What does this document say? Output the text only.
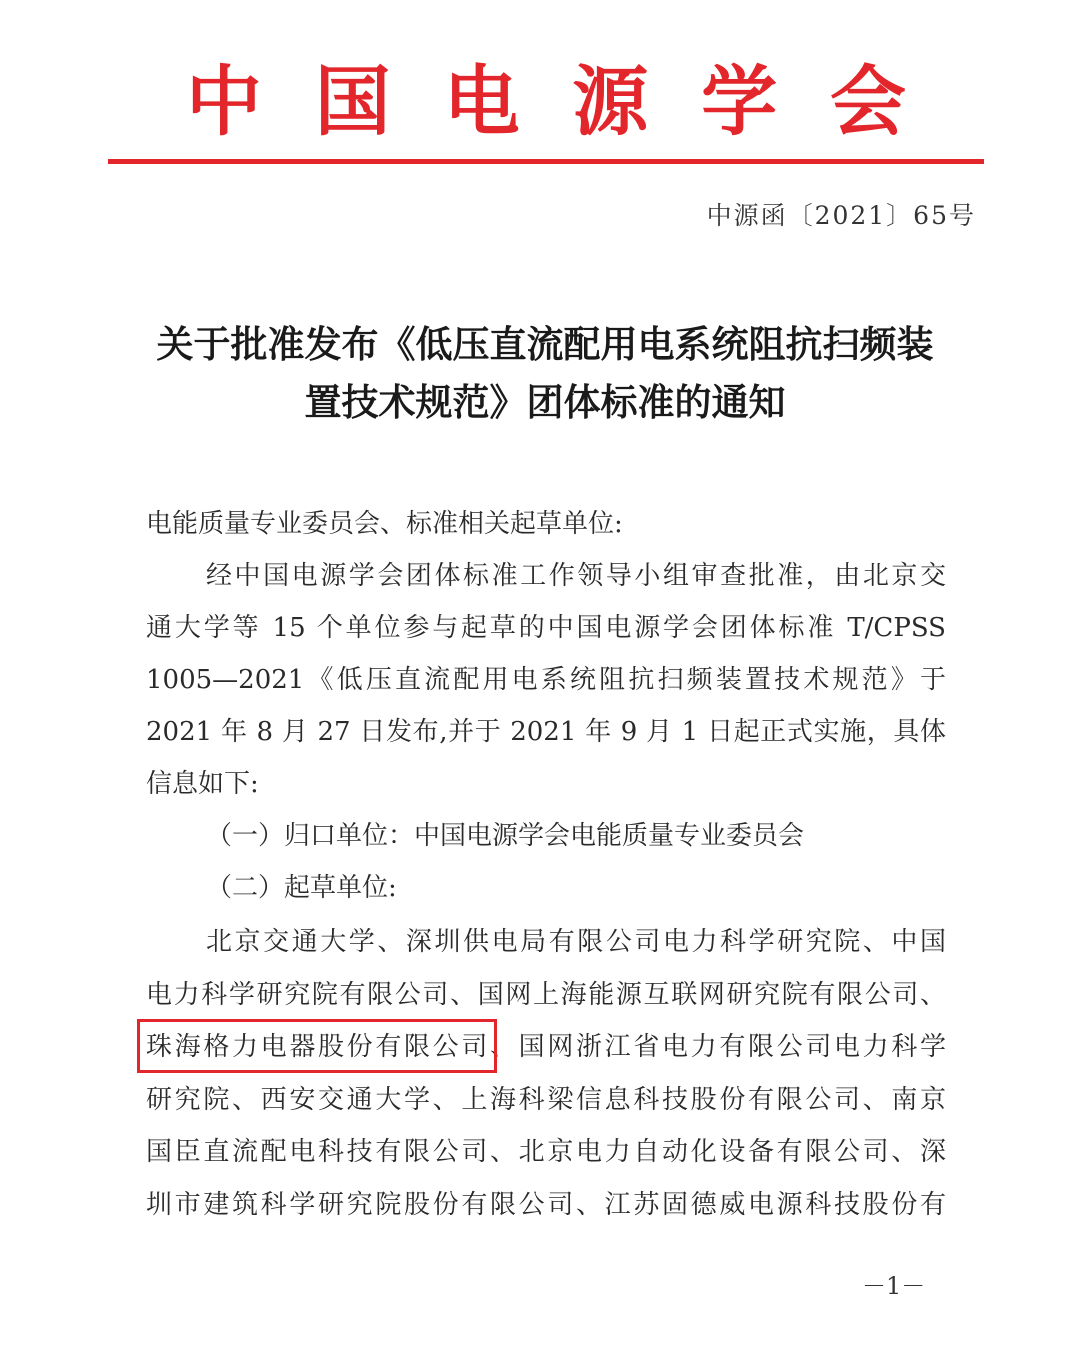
中 国 电 源 学 会
中源函〔2021〕65号
关于批准发布《低压直流配用电系统阻抗扫频装
置技术规范》团体标准的通知
电能质量专业委员会、标准相关起草单位:
经中国电源学会团体标准工作领导小组审查批准，由北京交
通大学等 15 个单位参与起草的中国电源学会团体标准 T/CPSS
1005—2021《低压直流配用电系统阻抗扫频装置技术规范》于
2021 年 8 月 27 日发布,并于 2021 年 9 月 1 日起正式实施，具体
信息如下:
（一）归口单位：中国电源学会电能质量专业委员会
（二）起草单位:
北京交通大学、深圳供电局有限公司电力科学研究院、中国
电力科学研究院有限公司、国网上海能源互联网研究院有限公司、
珠海格力电器股份有限公司、国网浙江省电力有限公司电力科学
研究院、西安交通大学、上海科梁信息科技股份有限公司、南京
国臣直流配电科技有限公司、北京电力自动化设备有限公司、深
圳市建筑科学研究院股份有限公司、江苏固德威电源科技股份有
－1－
